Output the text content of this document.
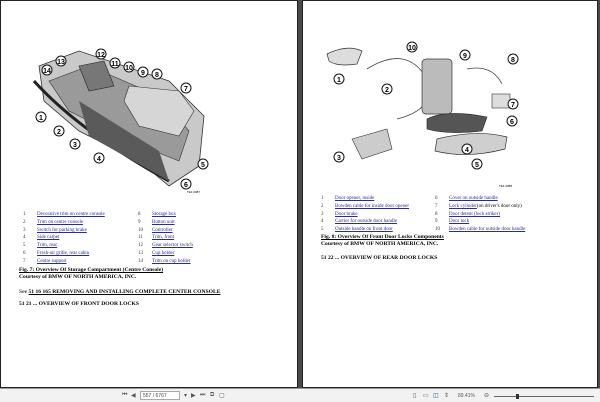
1
2
3
4
5
6
7
8
9
10
11
12
13
14
TE1 0087
1	Decorative trim on centre console
2	Trim on centre console
3	Switch for parking brake
4	Side carpet
5	Trim, rear
6	Fresh-air grille, rear cabin
7	Centre support
8	Storage box
9	Button unit
10	Controller
11	Trim, front
12	Gear selector switch
13	Cup holder
14	Trim on cup holder
Fig. 7: Overview Of Storage Compartment (Centre Console)
Courtesy of BMW OF NORTH AMERICA, INC.
See 51 16 165 REMOVING AND INSTALLING COMPLETE CENTER CONSOLE
51 21 ... OVERVIEW OF FRONT DOOR LOCKS
1
10
9
8
2
3
4
5
6
7
TE1 0088
1	Door opener, inside
2	Bowden cable for inside door opener
3	Door brake
4	Carrier for outside door handle
5	Outside handle on front door
6	Cover on outside handle
7	Lock cylinder (on driver's door only)
8	Door detent (lock striker)
9	Door lock
10	Bowden cable for outside door handle
Fig. 8: Overview Of Front Door Locks Components
Courtesy of BMW OF NORTH AMERICA, INC.
51 22 ... OVERVIEW OF REAR DOOR LOCKS
⏮ ◀	557 / 6767	▾ ▶ ⏭ ⧉ ▢	▯ ▭ ◫ ⇕ 89.41% ⊖
